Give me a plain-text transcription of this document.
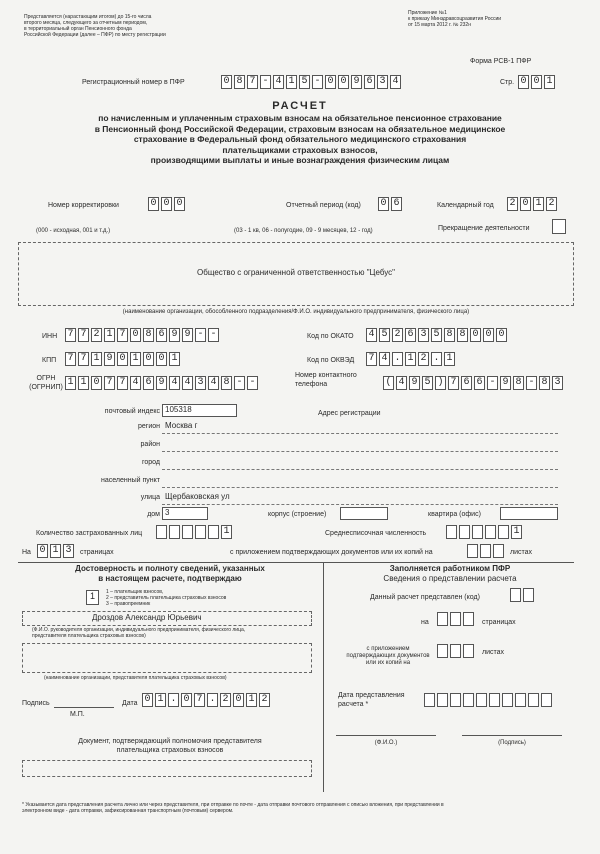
Представляется (нарастающим итогом) до 15-го числа
второго месяца, следующего за отчетным периодом,
в территориальный орган Пенсионного фонда
Российской Федерации (далее – ПФР) по месту регистрации
Приложение №1
к приказу Минздравсоцразвития России
от 15 марта 2012 г. № 232н
Форма РСВ-1 ПФР
Регистрационный номер в ПФР	0 8 7 - 4 1 5 - 0 0 9 6 3 4	Стр. 0 0 1
РАСЧЕТ
по начисленным и уплаченным страховым взносам на обязательное пенсионное страхование
в Пенсионный фонд Российской Федерации, страховым взносам на обязательное медицинское
страхование в Федеральный фонд обязательного медицинского страхования
плательщиками страховых взносов,
производящими выплаты и иные вознаграждения физическим лицам
Номер корректировки	0 0 0	Отчетный период (код) 0 6	Календарный год 2 0 1 2
(000 - исходная, 001 и т.д.)	(03 - 1 кв, 06 - полугодие, 09 - 9 месяцев, 12 - год)	Прекращение деятельности
Общество с ограниченной ответственностью "Цебус"
(наименование организации, обособленного подразделения/Ф.И.О. индивидуального предпринимателя, физического лица)
ИНН 7 7 2 1 7 0 8 6 9 9 - -
КПП 7 7 1 9 0 1 0 0 1
ОГРН (ОГРНИП) 1 1 0 7 7 4 6 9 4 4 3 4 8 - -
Код по ОКАТО 4 5 2 6 3 5 8 8 0 0 0
Код по ОКВЭД 7 4 . 1 2 . 1
Номер контактного телефона	( 4 9 5 ) 7 6 6 - 9 8 - 8 3
Адрес регистрации
почтовый индекс 105318
регион Москва г
район
город
населенный пункт
улица Щербаковская ул
дом 3	корпус (строение)	квартира (офис)
Количество застрахованных лиц	1	Среднесписочная численность	1
На 0 1 3	страницах	с приложением подтверждающих документов или их копий на	листах
Достоверность и полноту сведений, указанных
в настоящем расчете, подтверждаю
1	1 – плательщик взносов,
2 – представитель плательщика страховых взносов
3 – правопреемник
Дроздов Александр Юрьевич
(Ф.И.О. руководителя организации, индивидуального предпринимателя, физического лица,
представителя плательщика страховых взносов)
(наименование организации, представителя плательщика страховых взносов)
Подпись	Дата 0 1 . 0 7 . 2 0 1 2
М.П.
Документ, подтверждающий полномочия представителя
плательщика страховых взносов
Заполняется работником ПФР
Сведения о представлении расчета
Данный расчет представлен (код)
на	страницах
с приложением
подтверждающих документов
или их копий на
листах
Дата представления
расчета *
(Ф.И.О.)	(Подпись)
* Указывается дата представления расчета лично или через представителя, при отправке по почте - дата отправки почтового отправления с описью вложения, при представлении в
электронном виде - дата отправки, зафиксированная транспортным (почтовым) сервером.
